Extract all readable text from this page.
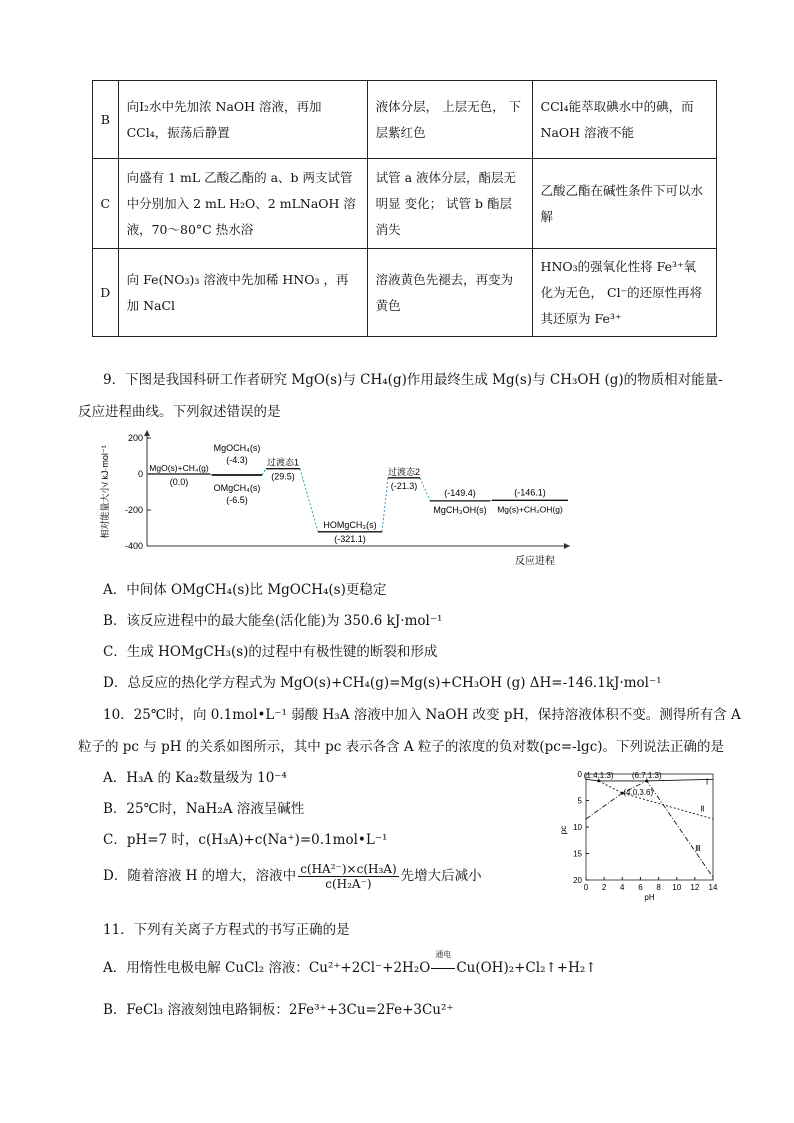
B	向I₂水中先加浓 NaOH 溶液，再加 CCl₄，振荡后静置	液体分层， 上层无色， 下层紫红色	CCl₄能萃取碘水中的碘，而 NaOH 溶液不能
C	向盛有 1 mL 乙酸乙酯的 a、b 两支试管中分别加入 2 mL H₂O、2 mLNaOH 溶液，70～80°C 热水浴	试管 a 液体分层，酯层无明显 变化； 试管 b 酯层消失	乙酸乙酯在碱性条件下可以水解
D	向 Fe(NO₃)₃ 溶液中先加稀 HNO₃ ，再加 NaCl	溶液黄色先褪去，再变为黄色	HNO₃的强氧化性将 Fe³⁺氧化为无色， Cl⁻的还原性再将其还原为 Fe³⁺
9．下图是我国科研工作者研究 MgO(s)与 CH₄(g)作用最终生成 Mg(s)与 CH₃OH (g)的物质相对能量-
反应进程曲线。下列叙述错误的是
200
0
-200
-400
相对能量大小/ kJ·mol⁻¹
反应进程
MgO(s)+CH₄(g)
(0.0)
MgOCH₄(s)
(-4.3)
OMgCH₄(s)
(-6.5)
过渡态1
(29.5)
HOMgCH₃(s)
(-321.1)
过渡态2
(-21.3)
MgCH₃OH(s)
(-149.4)
Mg(s)+CH₃OH(g)
(-146.1)
A．中间体 OMgCH₄(s)比 MgOCH₄(s)更稳定
B．该反应进程中的最大能垒(活化能)为 350.6 kJ·mol⁻¹
C．生成 HOMgCH₃(s)的过程中有极性键的断裂和形成
D．总反应的热化学方程式为 MgO(s)+CH₄(g)=Mg(s)+CH₃OH (g) ΔH=-146.1kJ·mol⁻¹
10．25℃时，向 0.1mol•L⁻¹ 弱酸 H₃A 溶液中加入 NaOH 改变 pH，保持溶液体积不变。测得所有含 A
粒子的 pc 与 pH 的关系如图所示，其中 pc 表示各含 A 粒子的浓度的负对数(pc=-lgc)。下列说法正确的是
A．H₃A 的 Ka₂数量级为 10⁻⁴
B．25℃时，NaH₂A 溶液呈碱性
C．pH=7 时，c(H₃A)+c(Na⁺)=0.1mol•L⁻¹
D．随着溶液 H 的增大，溶液中 $\frac{\text{c(HA²⁻)×c(H₃A)}}{\text{c(H₂A⁻)}}$ 先增大后减小
0 2 4 6 8 10 12 14
0
5
10
15
20
pH
pc
Ⅰ
Ⅱ
Ⅲ
(1.4,1.3) (6.7,1.3)
(4.0,3.6)
11．下列有关离子方程式的书写正确的是
A．用惰性电极电解 CuCl₂ 溶液：Cu²⁺+2Cl⁻+2H₂O
通电
Cu(OH)₂+Cl₂↑+H₂↑
B．FeCl₃ 溶液刻蚀电路铜板：2Fe³⁺+3Cu=2Fe+3Cu²⁺
